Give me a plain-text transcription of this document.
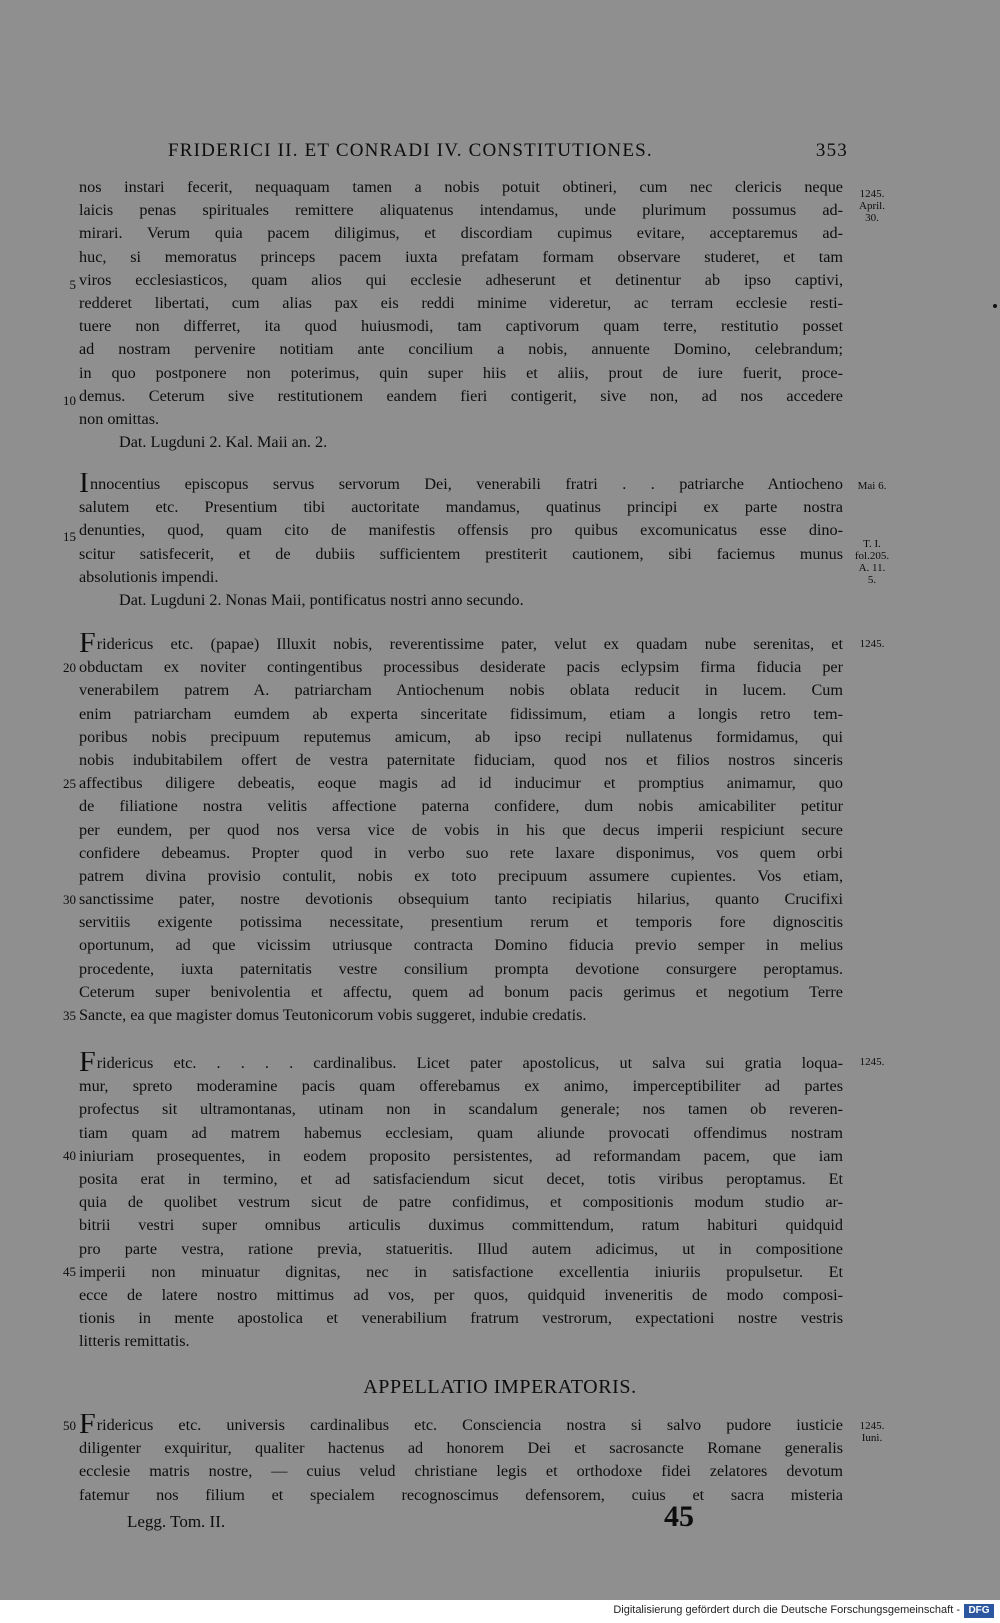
FRIDERICI II. ET CONRADI IV. CONSTITUTIONES.	353
nos instari fecerit, nequaquam tamen a nobis potuit obtineri, cum nec clericis neque
laicis penas spirituales remittere aliquatenus intendamus, unde plurimum possumus ad-
mirari. Verum quia pacem diligimus, et discordiam cupimus evitare, acceptaremus ad-
huc, si memoratus princeps pacem iuxta prefatam formam observare studeret, et tam
viros ecclesiasticos, quam alios qui ecclesie adheserunt et detinentur ab ipso captivi,
redderet libertati, cum alias pax eis reddi minime videretur, ac terram ecclesie resti-
tuere non differret, ita quod huiusmodi, tam captivorum quam terre, restitutio posset
ad nostram pervenire notitiam ante concilium a nobis, annuente Domino, celebrandum;
in quo postponere non poterimus, quin super hiis et aliis, prout de iure fuerit, proce-
demus. Ceterum sive restitutionem eandem fieri contigerit, sive non, ad nos accedere
non omittas.
Dat. Lugduni 2. Kal. Maii an. 2.
Innocentius episcopus servus servorum Dei, venerabili fratri . . patriarche Antiocheno
salutem etc. Presentium tibi auctoritate mandamus, quatinus principi ex parte nostra
denunties, quod, quam cito de manifestis offensis pro quibus excomunicatus esse dino-
scitur satisfecerit, et de dubiis sufficientem prestiterit cautionem, sibi faciemus munus
absolutionis impendi.
Dat. Lugduni 2. Nonas Maii, pontificatus nostri anno secundo.
Fridericus etc. (papae) Illuxit nobis, reverentissime pater, velut ex quadam nube serenitas, et
obductam ex noviter contingentibus processibus desiderate pacis eclypsim firma fiducia per
venerabilem patrem A. patriarcham Antiochenum nobis oblata reducit in lucem. Cum
enim patriarcham eumdem ab experta sinceritate fidissimum, etiam a longis retro tem-
poribus nobis precipuum reputemus amicum, ab ipso recipi nullatenus formidamus, qui
nobis indubitabilem offert de vestra paternitate fiduciam, quod nos et filios nostros sinceris
affectibus diligere debeatis, eoque magis ad id inducimur et promptius animamur, quo
de filiatione nostra velitis affectione paterna confidere, dum nobis amicabiliter petitur
per eundem, per quod nos versa vice de vobis in his que decus imperii respiciunt secure
confidere debeamus. Propter quod in verbo suo rete laxare disponimus, vos quem orbi
patrem divina provisio contulit, nobis ex toto precipuum assumere cupientes. Vos etiam,
sanctissime pater, nostre devotionis obsequium tanto recipiatis hilarius, quanto Crucifixi
servitiis exigente potissima necessitate, presentium rerum et temporis fore dignoscitis
oportunum, ad que vicissim utriusque contracta Domino fiducia previo semper in melius
procedente, iuxta paternitatis vestre consilium prompta devotione consurgere peroptamus.
Ceterum super benivolentia et affectu, quem ad bonum pacis gerimus et negotium Terre
Sancte, ea que magister domus Teutonicorum vobis suggeret, indubie credatis.
Fridericus etc. . . . . cardinalibus. Licet pater apostolicus, ut salva sui gratia loqua-
mur, spreto moderamine pacis quam offerebamus ex animo, imperceptibiliter ad partes
profectus sit ultramontanas, utinam non in scandalum generale; nos tamen ob reveren-
tiam quam ad matrem habemus ecclesiam, quam aliunde provocati offendimus nostram
iniuriam prosequentes, in eodem proposito persistentes, ad reformandam pacem, que iam
posita erat in termino, et ad satisfaciendum sicut decet, totis viribus peroptamus. Et
quia de quolibet vestrum sicut de patre confidimus, et compositionis modum studio ar-
bitrii vestri super omnibus articulis duximus committendum, ratum habituri quidquid
pro parte vestra, ratione previa, statueritis. Illud autem adicimus, ut in compositione
imperii non minuatur dignitas, nec in satisfactione excellentia iniuriis propulsetur. Et
ecce de latere nostro mittimus ad vos, per quos, quidquid inveneritis de modo composi-
tionis in mente apostolica et venerabilium fratrum vestrorum, expectationi nostre vestris
litteris remittatis.
APPELLATIO IMPERATORIS.
Fridericus etc. universis cardinalibus etc. Consciencia nostra si salvo pudore iusticie
diligenter exquiritur, qualiter hactenus ad honorem Dei et sacrosancte Romane generalis
ecclesie matris nostre, — cuius velud christiane legis et orthodoxe fidei zelatores devotum
fatemur nos filium et specialem recognoscimus defensorem, cuius et sacra misteria
5
10
15
20
25
30
35
40
45
50
1245.
April.
30.
Mai 6.
T. I.
fol.205.
A. 11.
5.
1245.
1245.
1245.
Iuni.
Legg. Tom. II.	45
Digitalisierung gefördert durch die Deutsche Forschungsgemeinschaft - DFG
